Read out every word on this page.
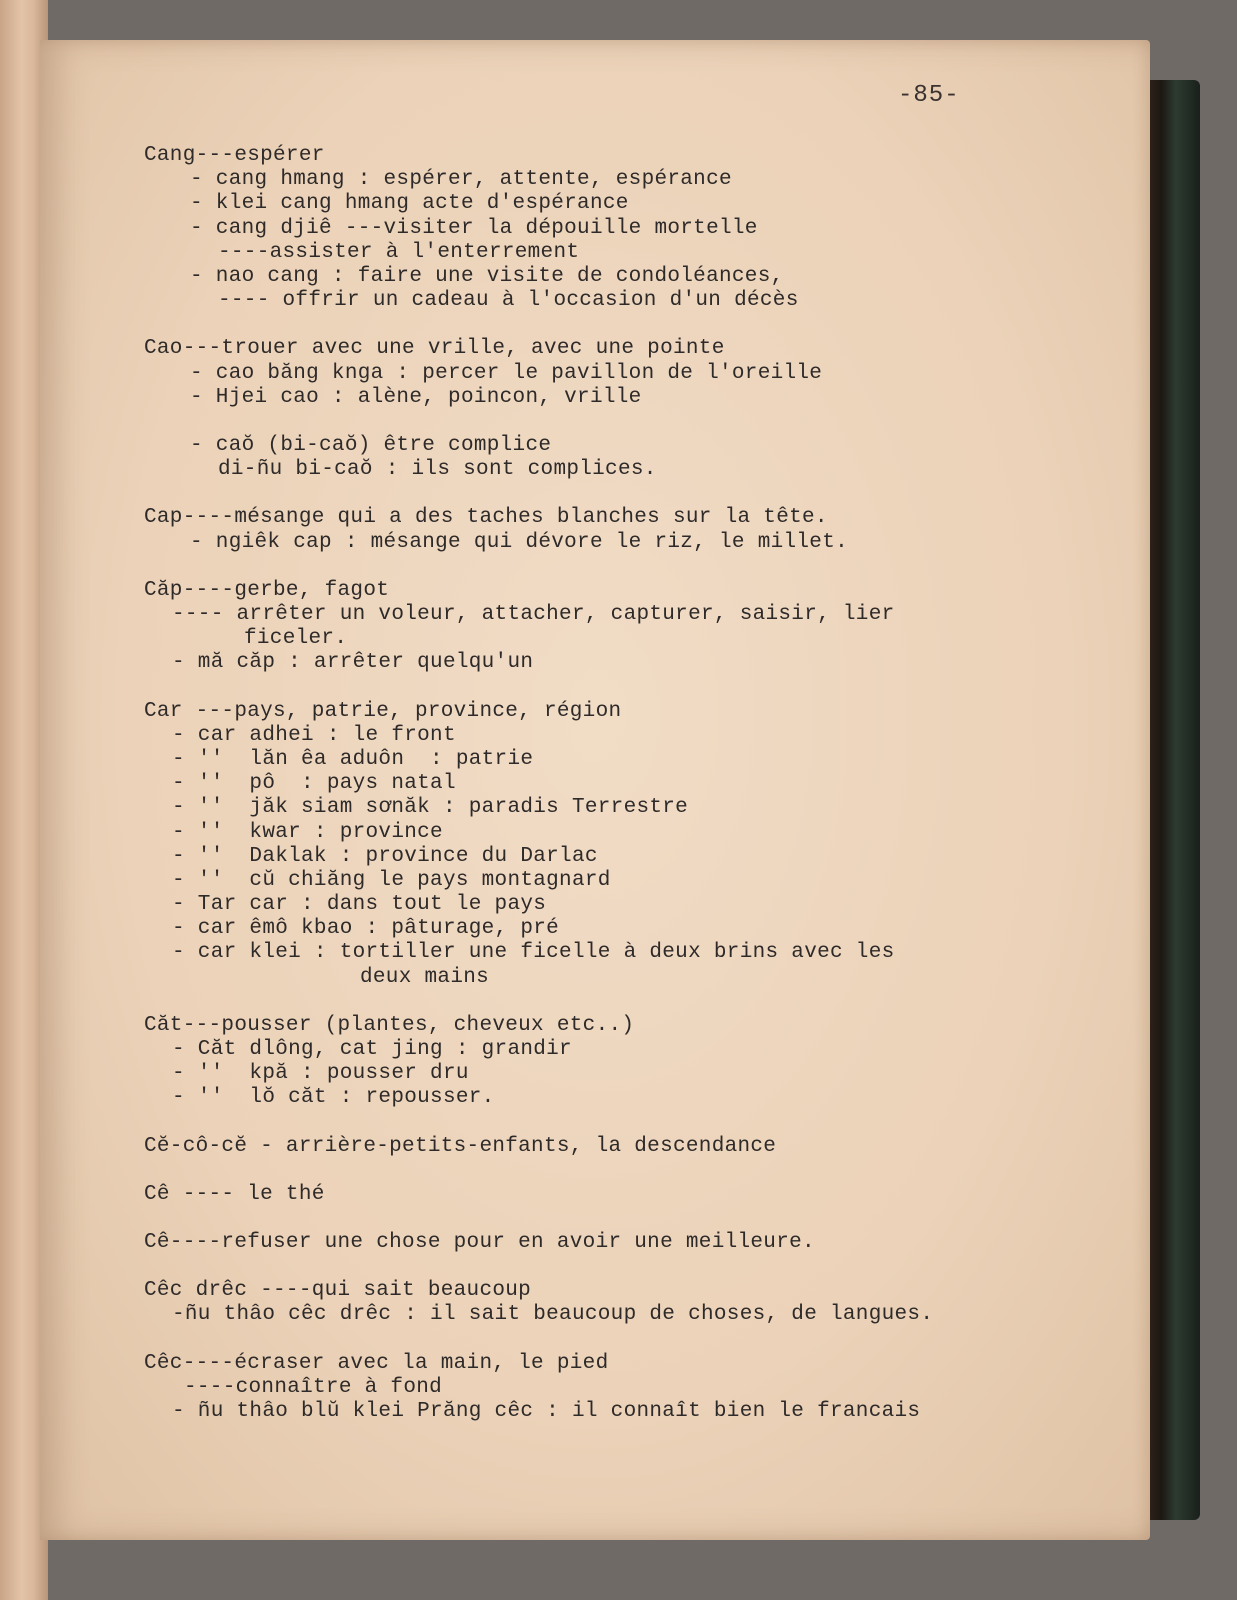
-85-
Cang---espérer
- cang hmang : espérer, attente, espérance
- klei cang hmang acte d'espérance
- cang djiê ---visiter la dépouille mortelle
----assister à l'enterrement
- nao cang : faire une visite de condoléances,
---- offrir un cadeau à l'occasion d'un décès
Cao---trouer avec une vrille, avec une pointe
- cao băng knga : percer le pavillon de l'oreille
- Hjei cao : alène, poincon, vrille
- caŏ (bi-caŏ) être complice
di-ñu bi-caŏ : ils sont complices.
Cap----mésange qui a des taches blanches sur la tête.
- ngiêk cap : mésange qui dévore le riz, le millet.
Căp----gerbe, fagot
---- arrêter un voleur, attacher, capturer, saisir, lier
ficeler.
- mă căp : arrêter quelqu'un
Car ---pays, patrie, province, région
- car adhei : le front
- ''  lăn êa aduôn  : patrie
- ''  pô  : pays natal
- ''  jăk siam sơnăk : paradis Terrestre
- ''  kwar : province
- ''  Daklak : province du Darlac
- ''  cŭ chiăng le pays montagnard
- Tar car : dans tout le pays
- car êmô kbao : pâturage, pré
- car klei : tortiller une ficelle à deux brins avec les
deux mains
Căt---pousser (plantes, cheveux etc..)
- Căt dlông, cat jing : grandir
- ''  kpă : pousser dru
- ''  lŏ căt : repousser.
Cĕ-cô-cĕ - arrière-petits-enfants, la descendance
Cê ---- le thé
Cê----refuser une chose pour en avoir une meilleure.
Cêc drêc ----qui sait beaucoup
-ñu thâo cêc drêc : il sait beaucoup de choses, de langues.
Cêc----écraser avec la main, le pied
----connaître à fond
- ñu thâo blŭ klei Prăng cêc : il connaît bien le francais
